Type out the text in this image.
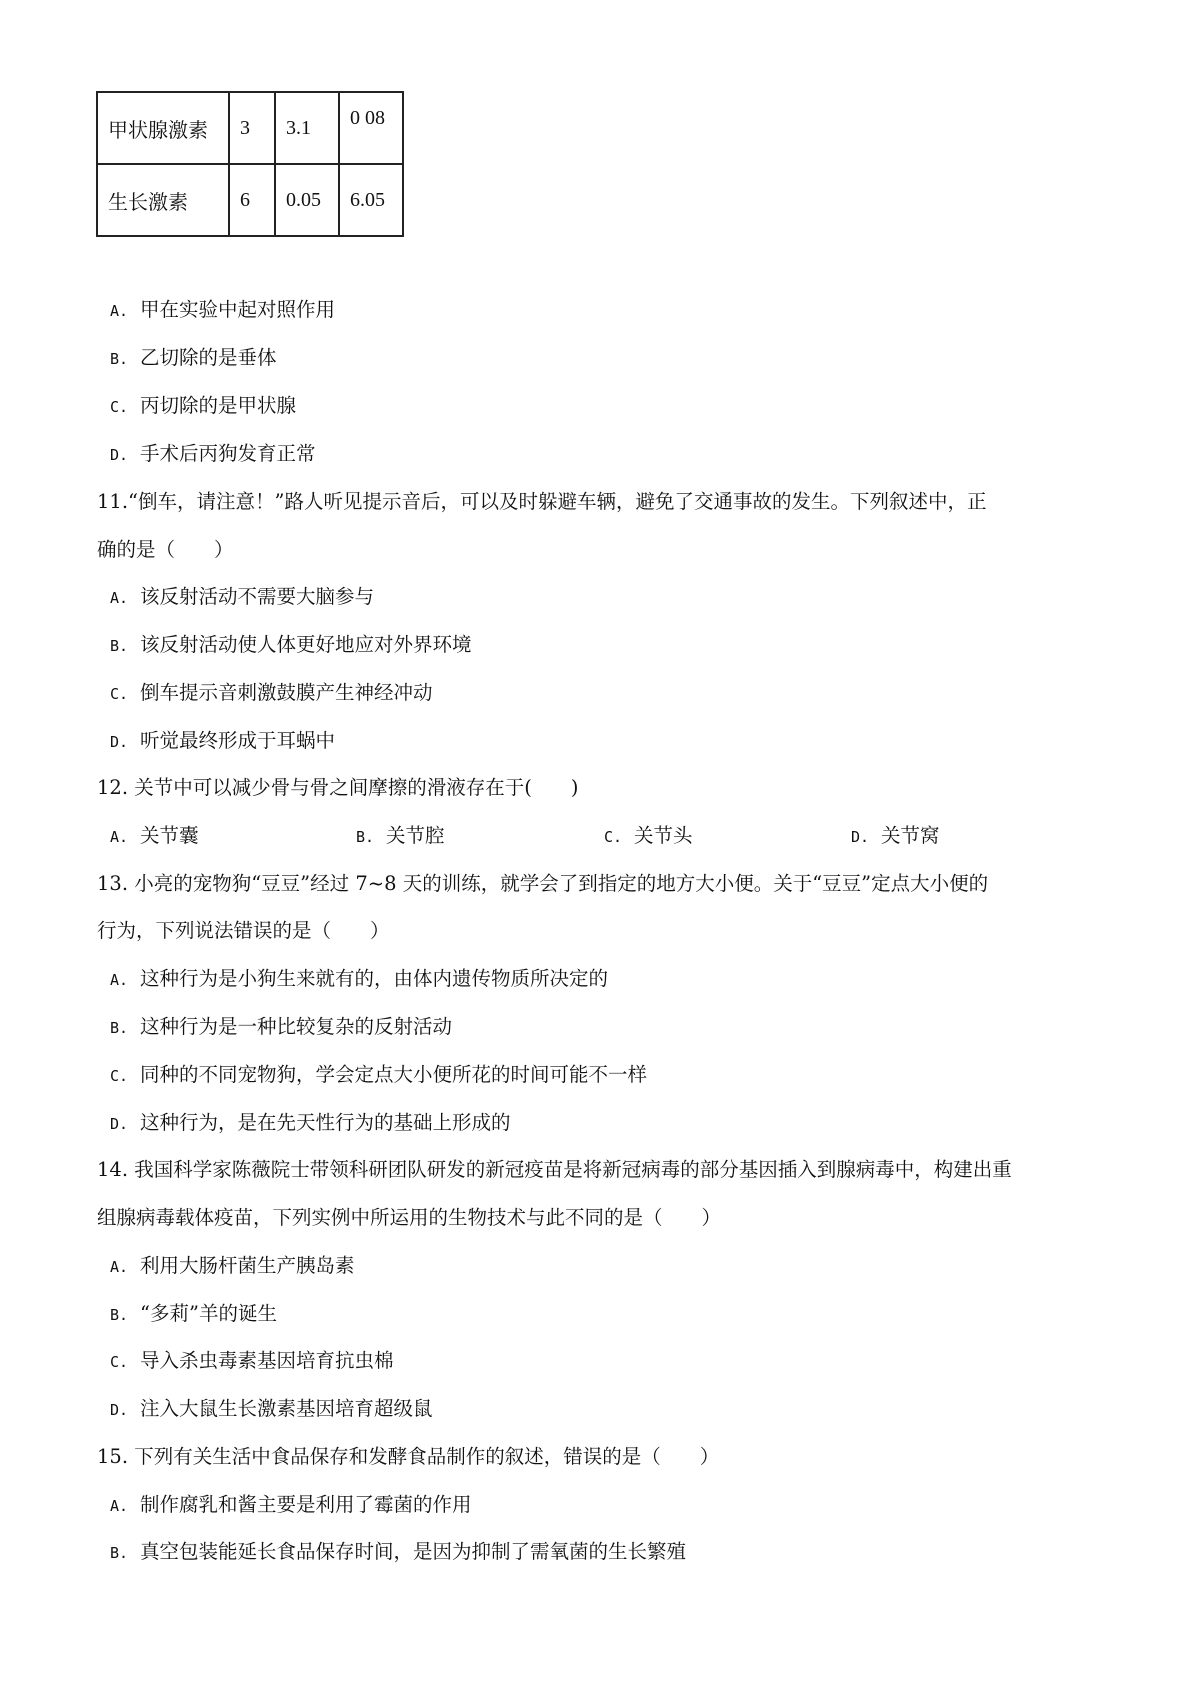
甲状腺激素	3	3.1	0 08
生长激素	6	0.05	6.05
A. 甲在实验中起对照作用
B. 乙切除的是垂体
C. 丙切除的是甲状腺
D. 手术后丙狗发育正常
11.“倒车，请注意！”路人听见提示音后，可以及时躲避车辆，避免了交通事故的发生。下列叙述中，正
确的是（　　）
A. 该反射活动不需要大脑参与
B. 该反射活动使人体更好地应对外界环境
C. 倒车提示音刺激鼓膜产生神经冲动
D. 听觉最终形成于耳蜗中
12. 关节中可以减少骨与骨之间摩擦的滑液存在于(　　)
A. 关节囊	B. 关节腔	C. 关节头	D. 关节窝
13. 小亮的宠物狗“豆豆”经过 7~8 天的训练，就学会了到指定的地方大小便。关于“豆豆”定点大小便的
行为，下列说法错误的是（　　）
A. 这种行为是小狗生来就有的，由体内遗传物质所决定的
B. 这种行为是一种比较复杂的反射活动
C. 同种的不同宠物狗，学会定点大小便所花的时间可能不一样
D. 这种行为，是在先天性行为的基础上形成的
14. 我国科学家陈薇院士带领科研团队研发的新冠疫苗是将新冠病毒的部分基因插入到腺病毒中，构建出重
组腺病毒载体疫苗，下列实例中所运用的生物技术与此不同的是（　　）
A. 利用大肠杆菌生产胰岛素
B. “多莉”羊的诞生
C. 导入杀虫毒素基因培育抗虫棉
D. 注入大鼠生长激素基因培育超级鼠
15. 下列有关生活中食品保存和发酵食品制作的叙述，错误的是（　　）
A. 制作腐乳和酱主要是利用了霉菌的作用
B. 真空包装能延长食品保存时间，是因为抑制了需氧菌的生长繁殖
